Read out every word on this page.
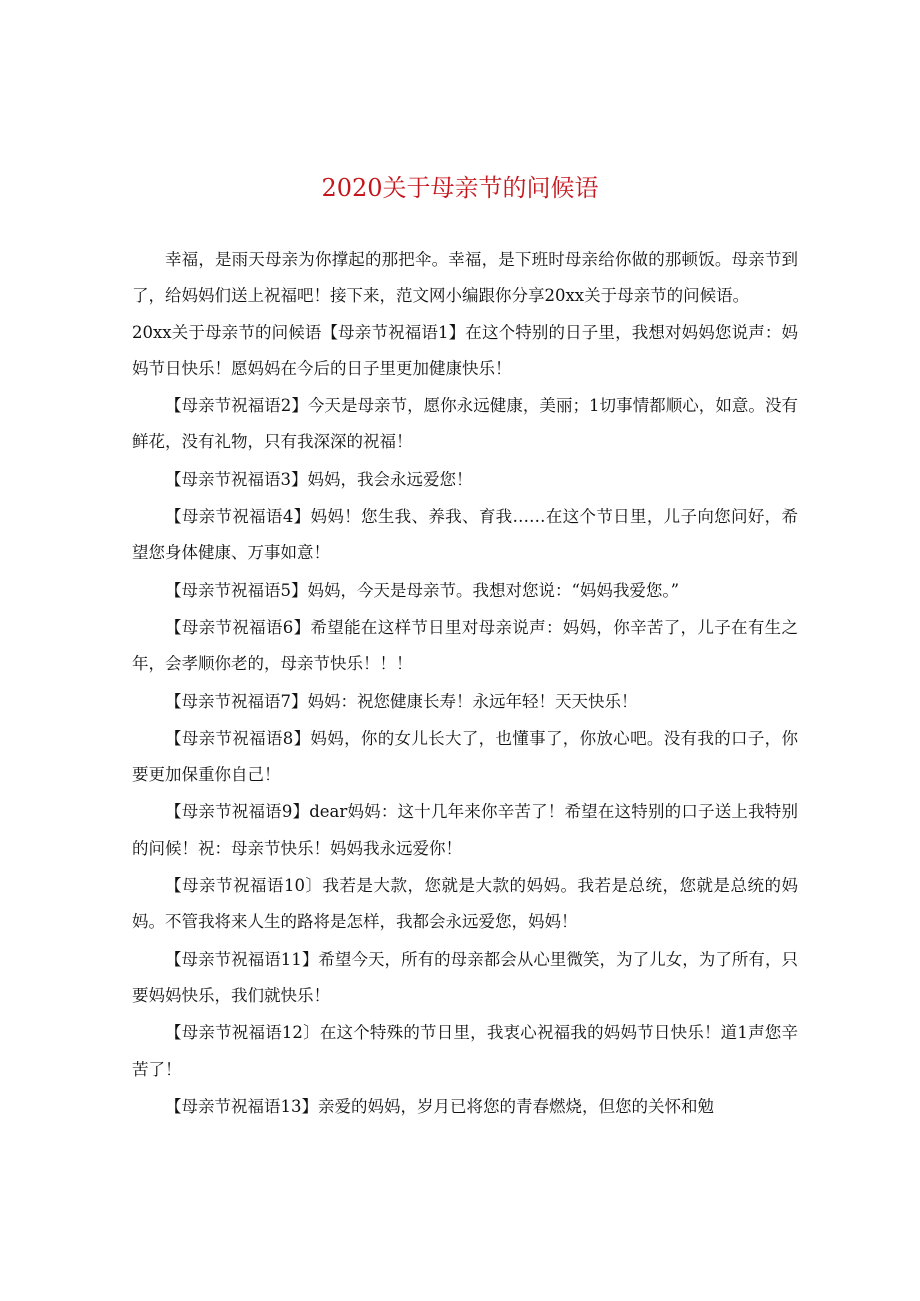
2020关于母亲节的问候语

幸福，是雨天母亲为你撑起的那把伞。幸福，是下班时母亲给你做的那顿饭。母亲节到了，给妈妈们送上祝福吧！接下来，范文网小编跟你分享20xx关于母亲节的问候语。

20xx关于母亲节的问候语【母亲节祝福语1】在这个特别的日子里，我想对妈妈您说声：妈妈节日快乐！愿妈妈在今后的日子里更加健康快乐！

【母亲节祝福语2】今天是母亲节，愿你永远健康，美丽；1切事情都顺心，如意。没有鲜花，没有礼物，只有我深深的祝福！

【母亲节祝福语3】妈妈，我会永远爱您！

【母亲节祝福语4】妈妈！您生我、养我、育我……在这个节日里，儿子向您问好，希望您身体健康、万事如意！

【母亲节祝福语5】妈妈，今天是母亲节。我想对您说：“妈妈我爱您。”

【母亲节祝福语6】希望能在这样节日里对母亲说声：妈妈，你辛苦了，儿子在有生之年，会孝顺你老的，母亲节快乐！！！

【母亲节祝福语7】妈妈：祝您健康长寿！永远年轻！天天快乐！

【母亲节祝福语8】妈妈，你的女儿长大了，也懂事了，你放心吧。没有我的口子，你要更加保重你自己！

【母亲节祝福语9】dear妈妈：这十几年来你辛苦了！希望在这特别的口子送上我特别的问候！祝：母亲节快乐！妈妈我永远爱你！

【母亲节祝福语10〕我若是大款，您就是大款的妈妈。我若是总统，您就是总统的妈妈。不管我将来人生的路将是怎样，我都会永远爱您，妈妈！

【母亲节祝福语11】希望今天，所有的母亲都会从心里微笑，为了儿女，为了所有，只要妈妈快乐，我们就快乐！

【母亲节祝福语12〕在这个特殊的节日里，我衷心祝福我的妈妈节日快乐！道1声您辛苦了！

【母亲节祝福语13】亲爱的妈妈，岁月已将您的青春燃烧，但您的关怀和勉
